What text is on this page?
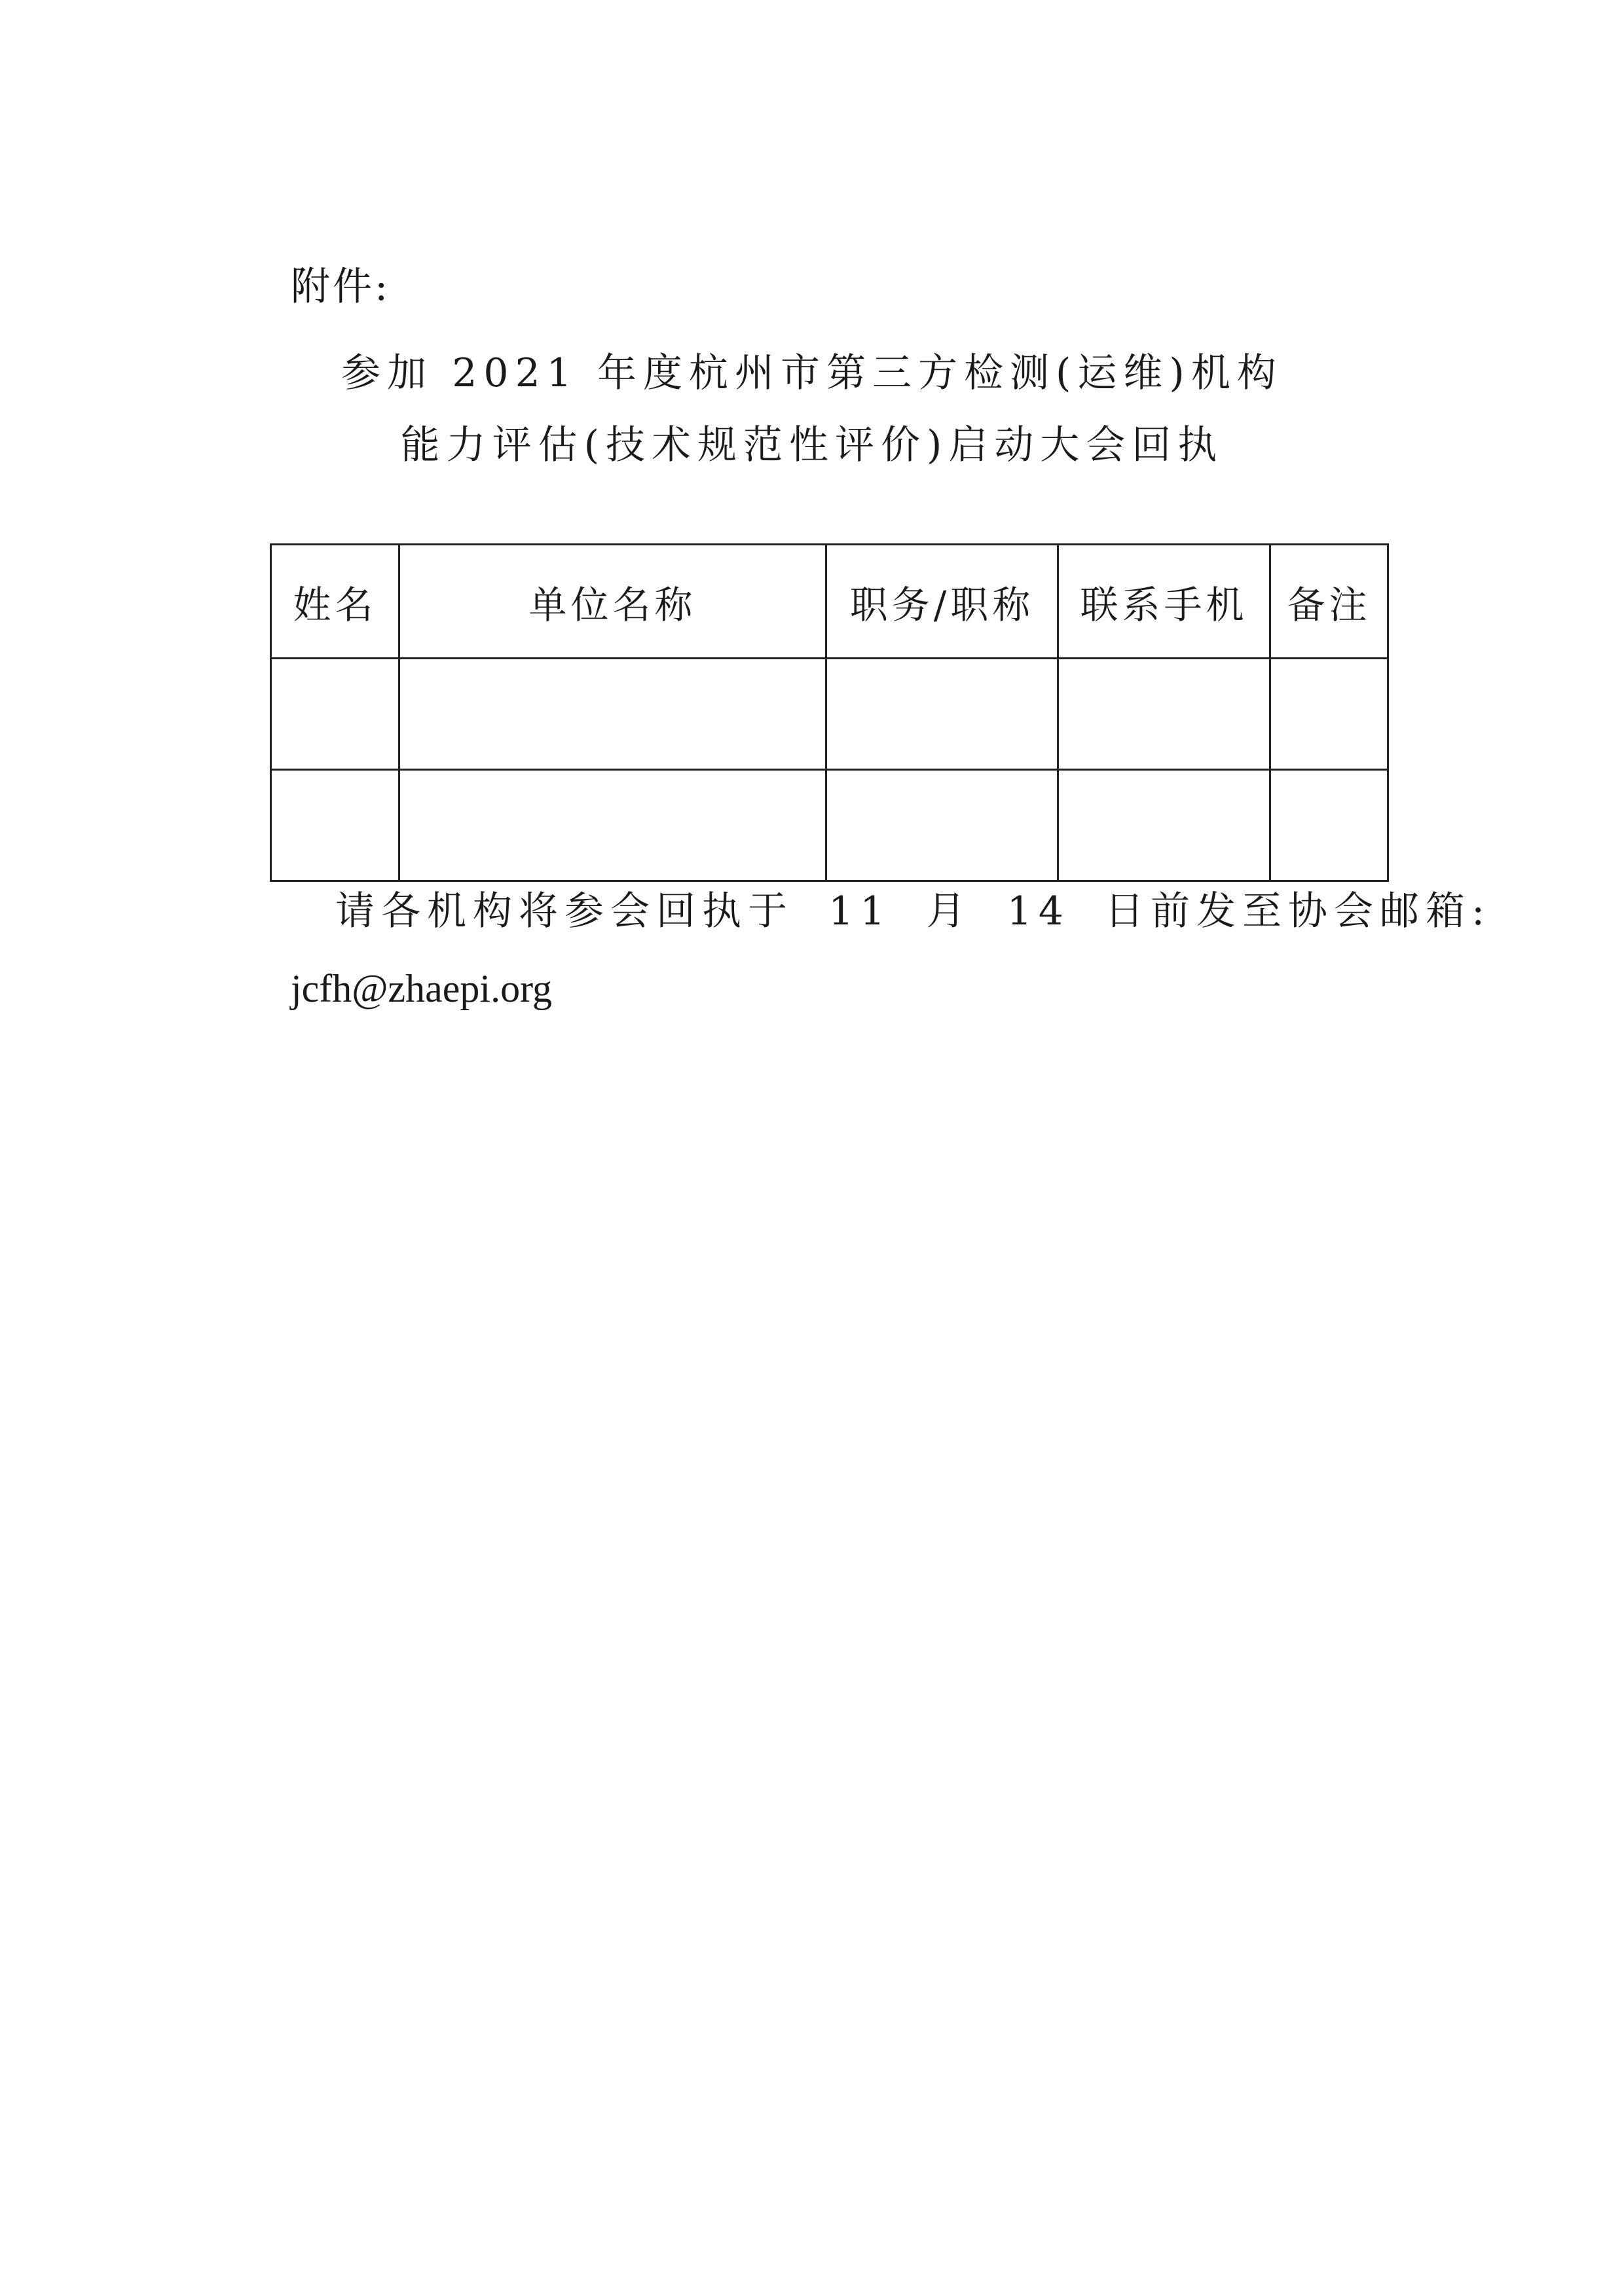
附件:
参加 2021 年度杭州市第三方检测(运维)机构
能力评估(技术规范性评价)启动大会回执
姓名	单位名称	职务/职称	联系手机	备注

请各机构将参会回执于 11 月 14 日前发至协会邮箱:
jcfh@zhaepi.org
